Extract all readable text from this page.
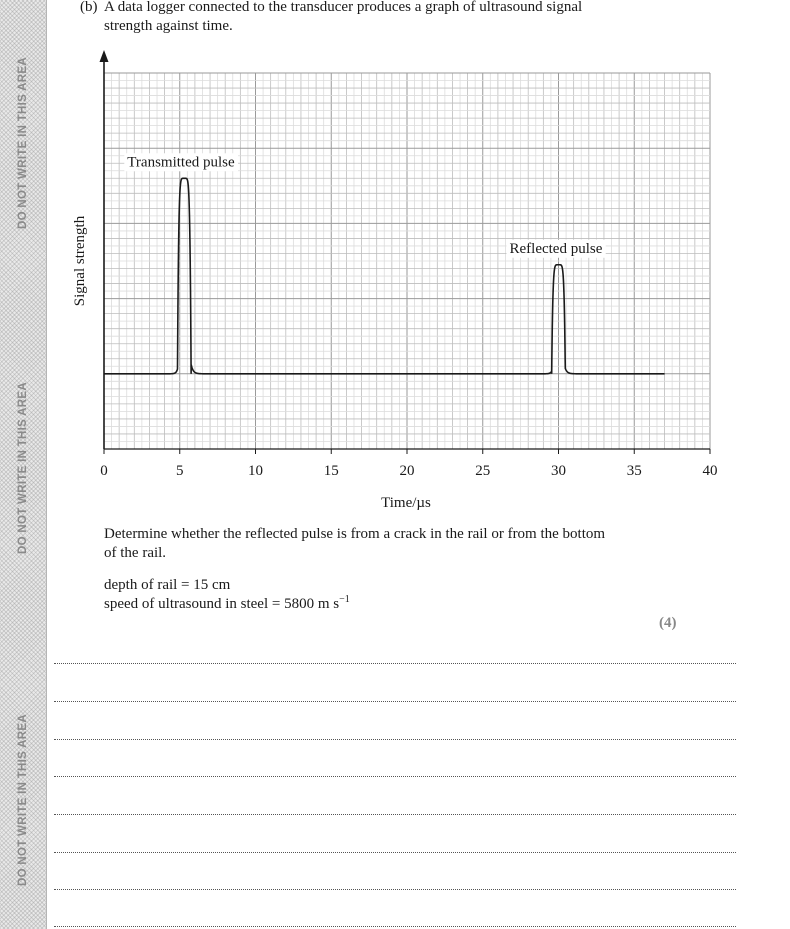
DO NOT WRITE IN THIS AREA
DO NOT WRITE IN THIS AREA
DO NOT WRITE IN THIS AREA
(b) A data logger connected to the transducer produces a graph of ultrasound signal
strength against time.
0	5	10	15	20	25	30	35	40
Transmitted pulse
Reflected pulse
Signal strength
Time/µs
Determine whether the reflected pulse is from a crack in the rail or from the bottom
of the rail.
depth of rail = 15 cm
speed of ultrasound in steel = 5800 m $s^{-1}$
(4)
